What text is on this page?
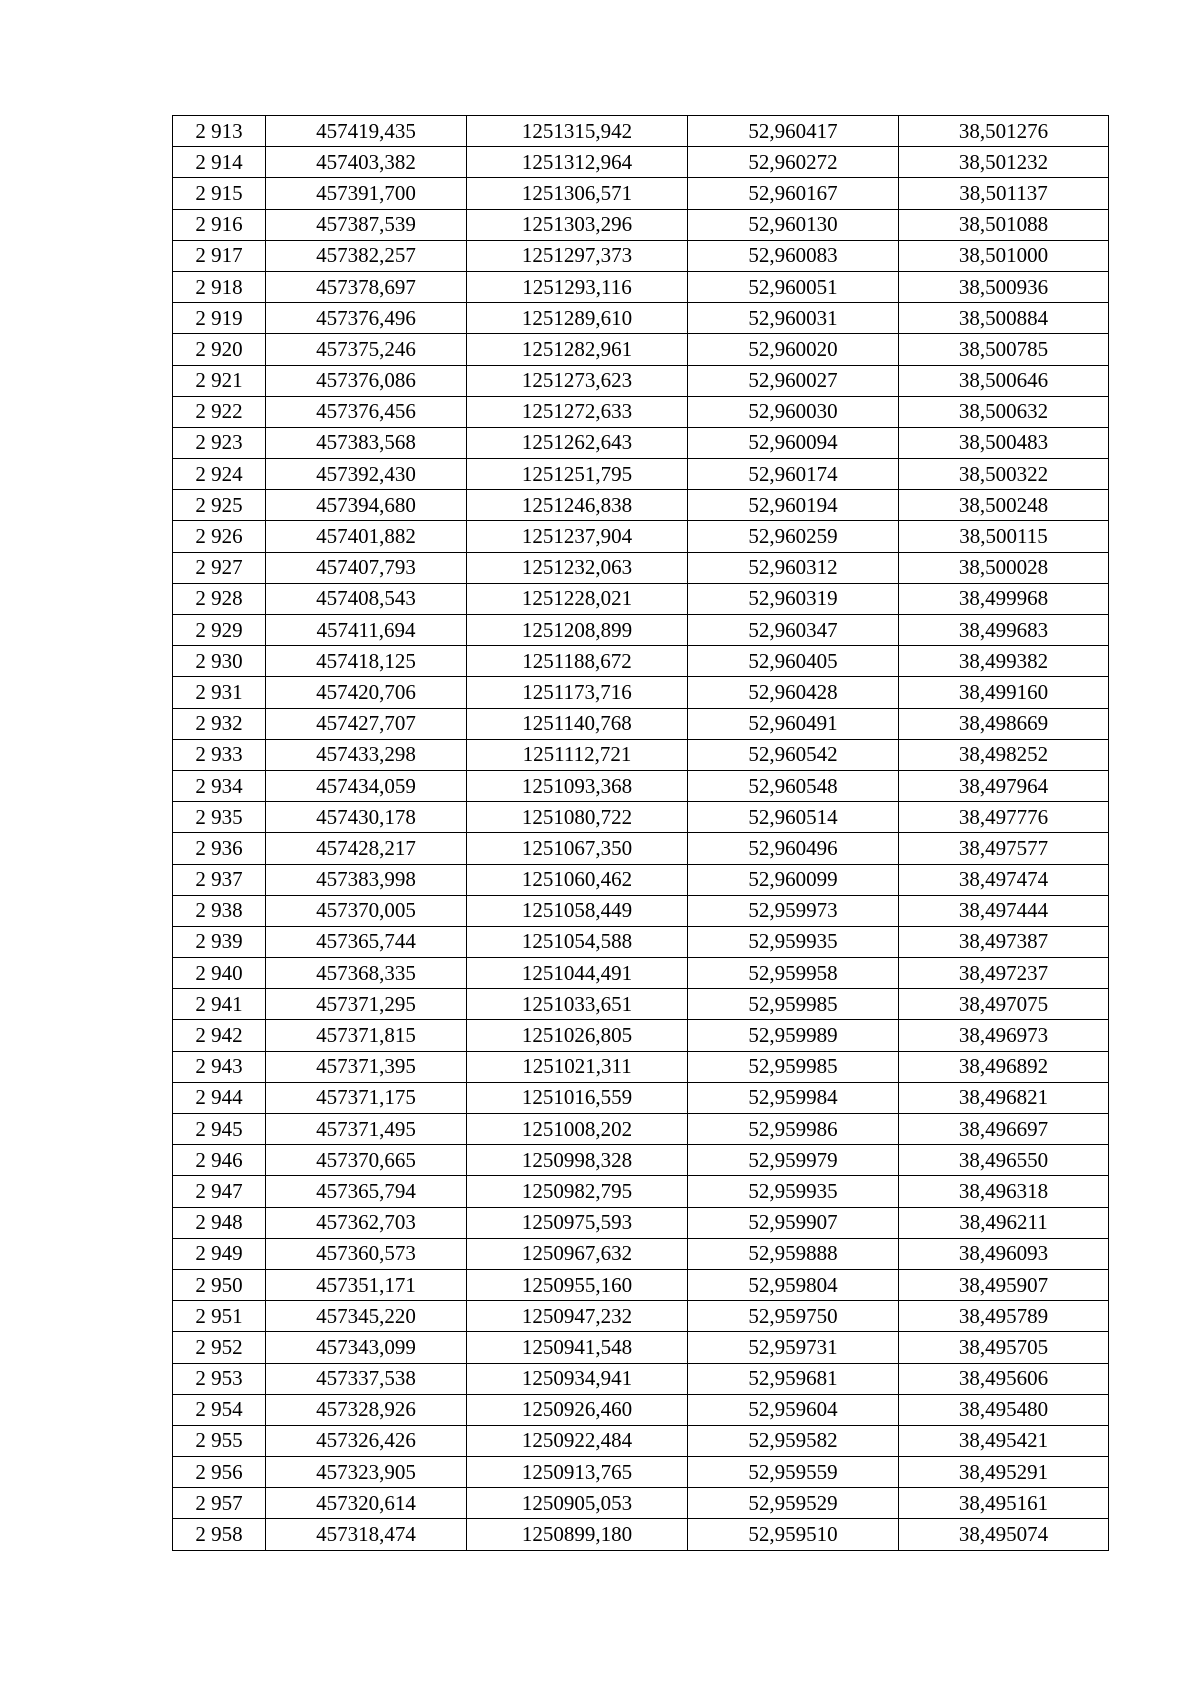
2 913	457419,435	1251315,942	52,960417	38,501276
2 914	457403,382	1251312,964	52,960272	38,501232
2 915	457391,700	1251306,571	52,960167	38,501137
2 916	457387,539	1251303,296	52,960130	38,501088
2 917	457382,257	1251297,373	52,960083	38,501000
2 918	457378,697	1251293,116	52,960051	38,500936
2 919	457376,496	1251289,610	52,960031	38,500884
2 920	457375,246	1251282,961	52,960020	38,500785
2 921	457376,086	1251273,623	52,960027	38,500646
2 922	457376,456	1251272,633	52,960030	38,500632
2 923	457383,568	1251262,643	52,960094	38,500483
2 924	457392,430	1251251,795	52,960174	38,500322
2 925	457394,680	1251246,838	52,960194	38,500248
2 926	457401,882	1251237,904	52,960259	38,500115
2 927	457407,793	1251232,063	52,960312	38,500028
2 928	457408,543	1251228,021	52,960319	38,499968
2 929	457411,694	1251208,899	52,960347	38,499683
2 930	457418,125	1251188,672	52,960405	38,499382
2 931	457420,706	1251173,716	52,960428	38,499160
2 932	457427,707	1251140,768	52,960491	38,498669
2 933	457433,298	1251112,721	52,960542	38,498252
2 934	457434,059	1251093,368	52,960548	38,497964
2 935	457430,178	1251080,722	52,960514	38,497776
2 936	457428,217	1251067,350	52,960496	38,497577
2 937	457383,998	1251060,462	52,960099	38,497474
2 938	457370,005	1251058,449	52,959973	38,497444
2 939	457365,744	1251054,588	52,959935	38,497387
2 940	457368,335	1251044,491	52,959958	38,497237
2 941	457371,295	1251033,651	52,959985	38,497075
2 942	457371,815	1251026,805	52,959989	38,496973
2 943	457371,395	1251021,311	52,959985	38,496892
2 944	457371,175	1251016,559	52,959984	38,496821
2 945	457371,495	1251008,202	52,959986	38,496697
2 946	457370,665	1250998,328	52,959979	38,496550
2 947	457365,794	1250982,795	52,959935	38,496318
2 948	457362,703	1250975,593	52,959907	38,496211
2 949	457360,573	1250967,632	52,959888	38,496093
2 950	457351,171	1250955,160	52,959804	38,495907
2 951	457345,220	1250947,232	52,959750	38,495789
2 952	457343,099	1250941,548	52,959731	38,495705
2 953	457337,538	1250934,941	52,959681	38,495606
2 954	457328,926	1250926,460	52,959604	38,495480
2 955	457326,426	1250922,484	52,959582	38,495421
2 956	457323,905	1250913,765	52,959559	38,495291
2 957	457320,614	1250905,053	52,959529	38,495161
2 958	457318,474	1250899,180	52,959510	38,495074
